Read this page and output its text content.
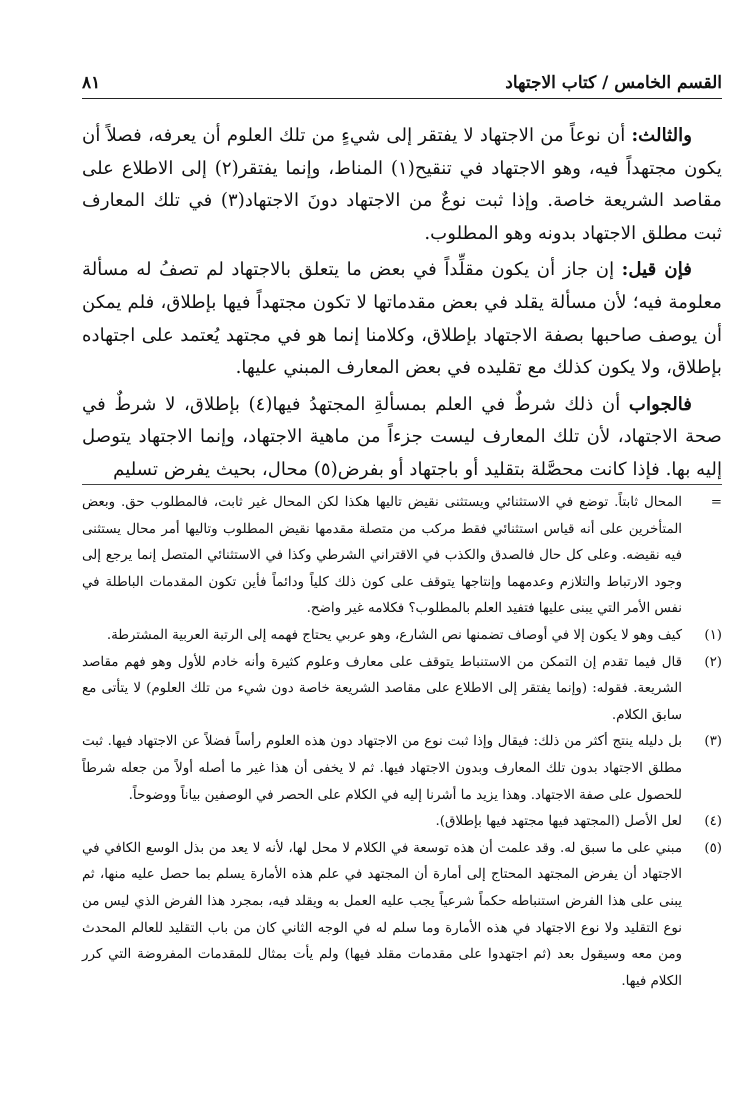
القسم الخامس / كتاب الاجتهاد
٨١

والثالث: أن نوعاً من الاجتهاد لا يفتقر إلى شيءٍ من تلك العلوم أن يعرفه، فصلاً أن يكون مجتهداً فيه، وهو الاجتهاد في تنقيح(١) المناط، وإنما يفتقر(٢) إلى الاطلاع على مقاصد الشريعة خاصة. وإذا ثبت نوعٌ من الاجتهاد دونَ الاجتهاد(٣) في تلك المعارف ثبت مطلق الاجتهاد بدونه وهو المطلوب.

فإن قيل: إن جاز أن يكون مقلِّداً في بعض ما يتعلق بالاجتهاد لم تصفُ له مسألة معلومة فيه؛ لأن مسألة يقلد في بعض مقدماتها لا تكون مجتهداً فيها بإطلاق، فلم يمكن أن يوصف صاحبها بصفة الاجتهاد بإطلاق، وكلامنا إنما هو في مجتهد يُعتمد على اجتهاده بإطلاق، ولا يكون كذلك مع تقليده في بعض المعارف المبني عليها.

فالجواب أن ذلك شرطٌ في العلم بمسألةِ المجتهدُ فيها(٤) بإطلاق، لا شرطٌ في صحة الاجتهاد، لأن تلك المعارف ليست جزءاً من ماهية الاجتهاد، وإنما الاجتهاد يتوصل إليه بها. فإذا كانت محصَّلة بتقليد أو باجتهاد أو بفرض(٥) محال، بحيث يفرض تسليم

=
المحال ثابتاً. توضع في الاستثنائي ويستثنى نقيض تاليها هكذا لكن المحال غير ثابت، فالمطلوب حق. وبعض المتأخرين على أنه قياس استثنائي فقط مركب من متصلة مقدمها نقيض المطلوب وتاليها أمر محال يستثنى فيه نقيضه. وعلى كل حال فالصدق والكذب في الاقتراني الشرطي وكذا في الاستثنائي المتصل إنما يرجع إلى وجود الارتباط والتلازم وعدمهما وإنتاجها يتوقف على كون ذلك كلياً ودائماً فأين تكون المقدمات الباطلة في نفس الأمر التي يبنى عليها فتفيد العلم بالمطلوب؟ فكلامه غير واضح.
(١)
كيف وهو لا يكون إلا في أوصاف تضمنها نص الشارع، وهو عربي يحتاج فهمه إلى الرتبة العربية المشترطة.
(٢)
قال فيما تقدم إن التمكن من الاستنباط يتوقف على معارف وعلوم كثيرة وأنه خادم للأول وهو فهم مقاصد الشريعة. فقوله: (وإنما يفتقر إلى الاطلاع على مقاصد الشريعة خاصة دون شيء من تلك العلوم) لا يتأتى مع سابق الكلام.
(٣)
بل دليله ينتج أكثر من ذلك: فيقال وإذا ثبت نوع من الاجتهاد دون هذه العلوم رأساً فضلاً عن الاجتهاد فيها. ثبت مطلق الاجتهاد بدون تلك المعارف وبدون الاجتهاد فيها. ثم لا يخفى أن هذا غير ما أصله أولاً من جعله شرطاً للحصول على صفة الاجتهاد. وهذا يزيد ما أشرنا إليه في الكلام على الحصر في الوصفين بياناً ووضوحاً.
(٤)
لعل الأصل (المجتهد فيها مجتهد فيها بإطلاق).
(٥)
مبني على ما سبق له. وقد علمت أن هذه توسعة في الكلام لا محل لها، لأنه لا يعد من بذل الوسع الكافي في الاجتهاد أن يفرض المجتهد المحتاج إلى أمارة أن المجتهد في علم هذه الأمارة يسلم بما حصل عليه منها، ثم يبنى على هذا الفرض استنباطه حكماً شرعياً يجب عليه العمل به ويقلد فيه، بمجرد هذا الفرض الذي ليس من نوع التقليد ولا نوع الاجتهاد في هذه الأمارة وما سلم له في الوجه الثاني كان من باب التقليد للعالم المحدث ومن معه وسيقول بعد (ثم اجتهدوا على مقدمات مقلد فيها) ولم يأت بمثال للمقدمات المفروضة التي كرر الكلام فيها.
